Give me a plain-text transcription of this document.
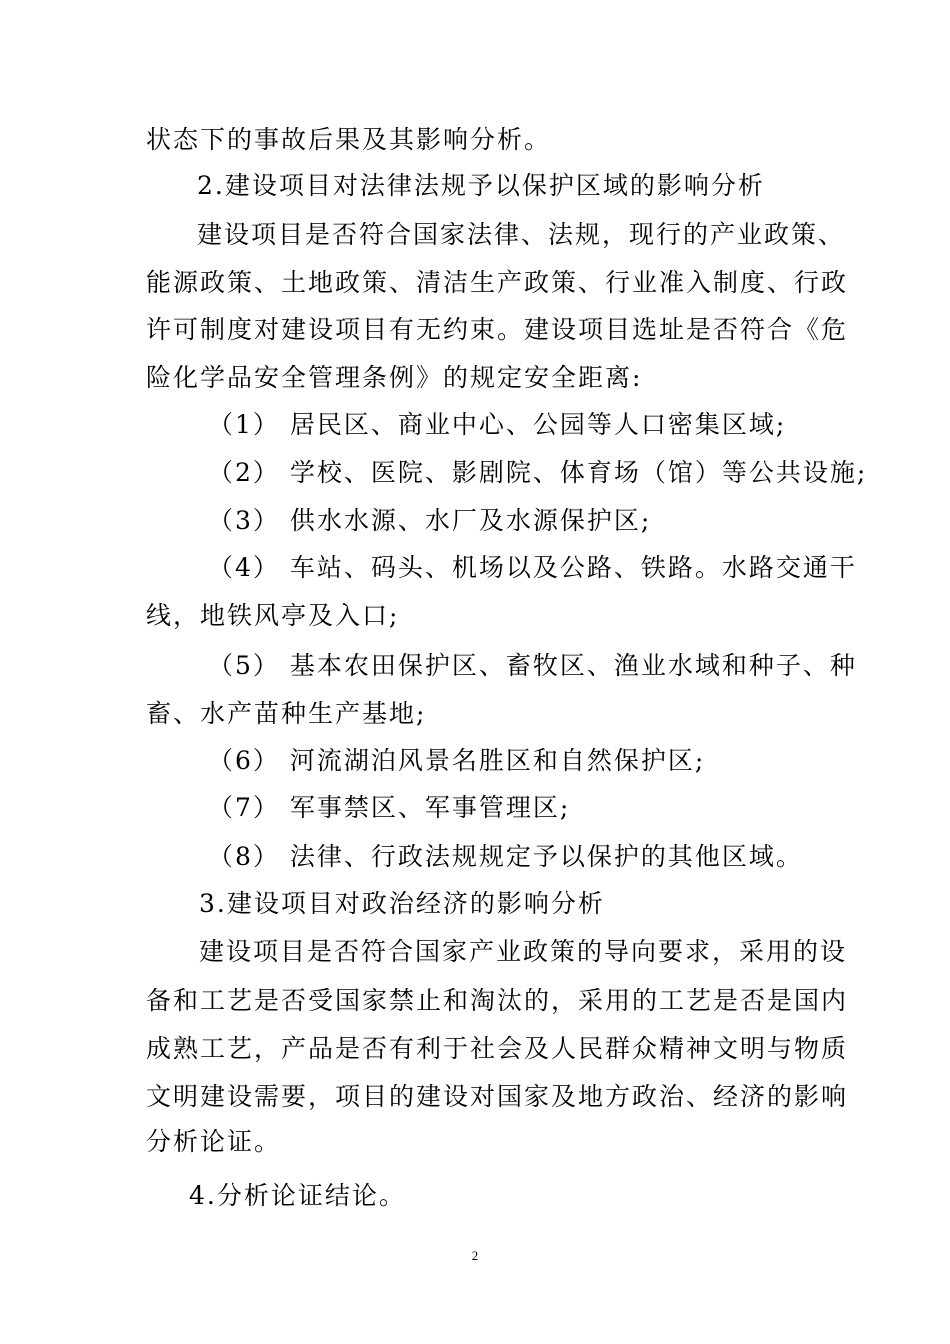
状态下的事故后果及其影响分析。
2.建设项目对法律法规予以保护区域的影响分析
建设项目是否符合国家法律、法规，现行的产业政策、
能源政策、土地政策、清洁生产政策、行业准入制度、行政
许可制度对建设项目有无约束。建设项目选址是否符合《危
险化学品安全管理条例》的规定安全距离:
（1） 居民区、商业中心、公园等人口密集区域;
（2） 学校、医院、影剧院、体育场（馆）等公共设施;
（3） 供水水源、水厂及水源保护区;
（4） 车站、码头、机场以及公路、铁路。水路交通干
线，地铁风亭及入口;
（5） 基本农田保护区、畜牧区、渔业水域和种子、种
畜、水产苗种生产基地;
（6） 河流湖泊风景名胜区和自然保护区;
（7） 军事禁区、军事管理区;
（8） 法律、行政法规规定予以保护的其他区域。
3.建设项目对政治经济的影响分析
建设项目是否符合国家产业政策的导向要求，采用的设
备和工艺是否受国家禁止和淘汰的，采用的工艺是否是国内
成熟工艺，产品是否有利于社会及人民群众精神文明与物质
文明建设需要，项目的建设对国家及地方政治、经济的影响
分析论证。
4.分析论证结论。
2
